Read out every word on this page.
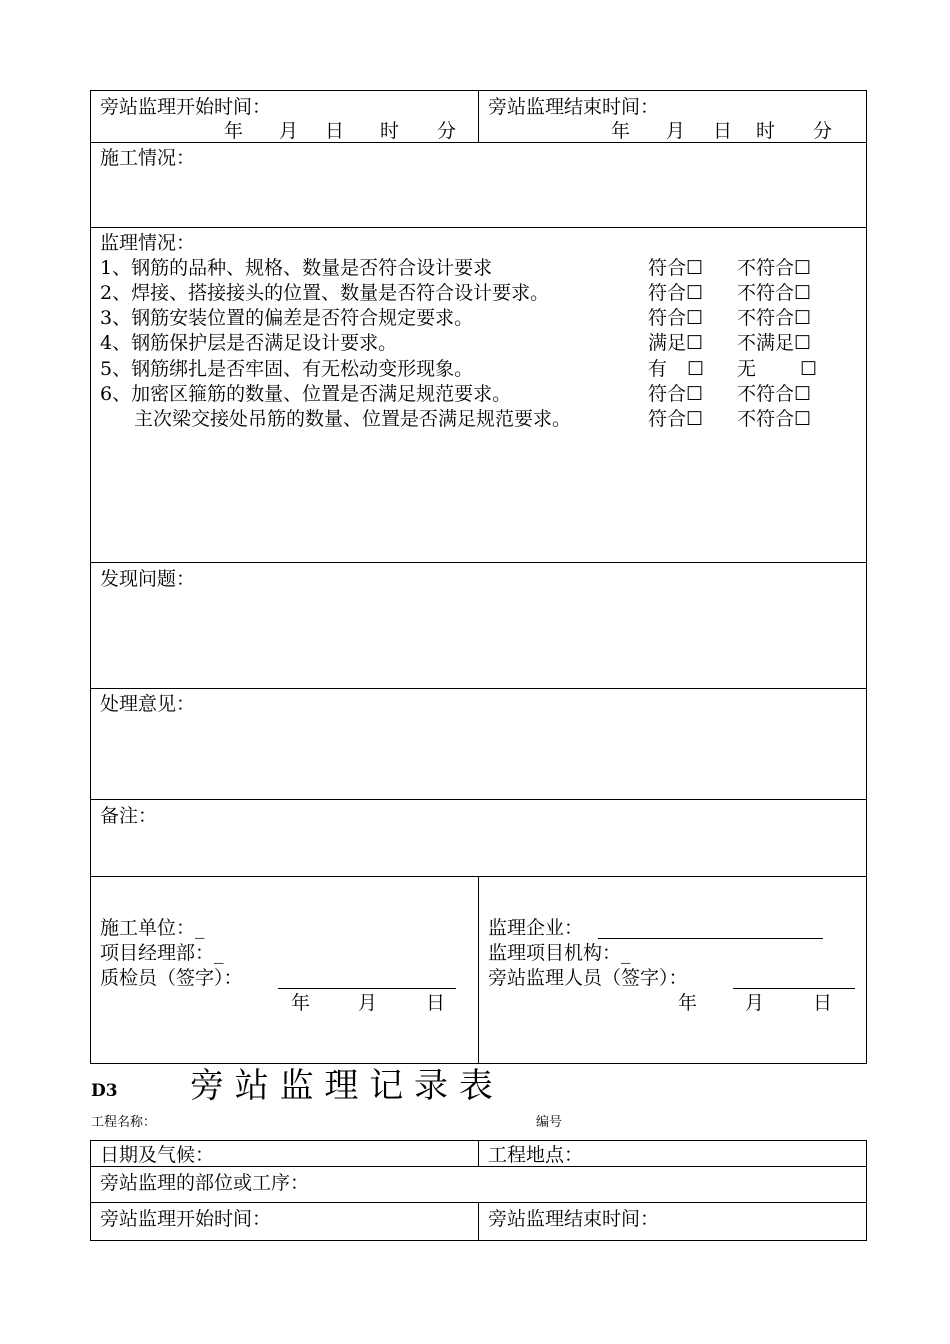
旁站监理开始时间：
年 月 日 时 分
旁站监理结束时间：
年 月 日 时 分
施工情况：
监理情况：
1、钢筋的品种、规格、数量是否符合设计要求	符合☐ 不符合☐
2、焊接、搭接接头的位置、数量是否符合设计要求。	符合☐ 不符合☐
3、钢筋安装位置的偏差是否符合规定要求。	符合☐ 不符合☐
4、钢筋保护层是否满足设计要求。	满足☐ 不满足☐
5、钢筋绑扎是否牢固、有无松动变形现象。	有 ☐ 无 ☐
6、加密区箍筋的数量、位置是否满足规范要求。	符合☐ 不符合☐
主次梁交接处吊筋的数量、位置是否满足规范要求。	符合☐ 不符合☐
发现问题：
处理意见：
备注：
施工单位：_
项目经理部：_
质检员（签字）：
年	月	日
监理企业：
监理项目机构：_
旁站监理人员（签字）：
年	月	日
D3 旁 站 监 理 记 录 表
工程名称：	编号
日期及气候：	工程地点：
旁站监理的部位或工序：
旁站监理开始时间：	旁站监理结束时间：
